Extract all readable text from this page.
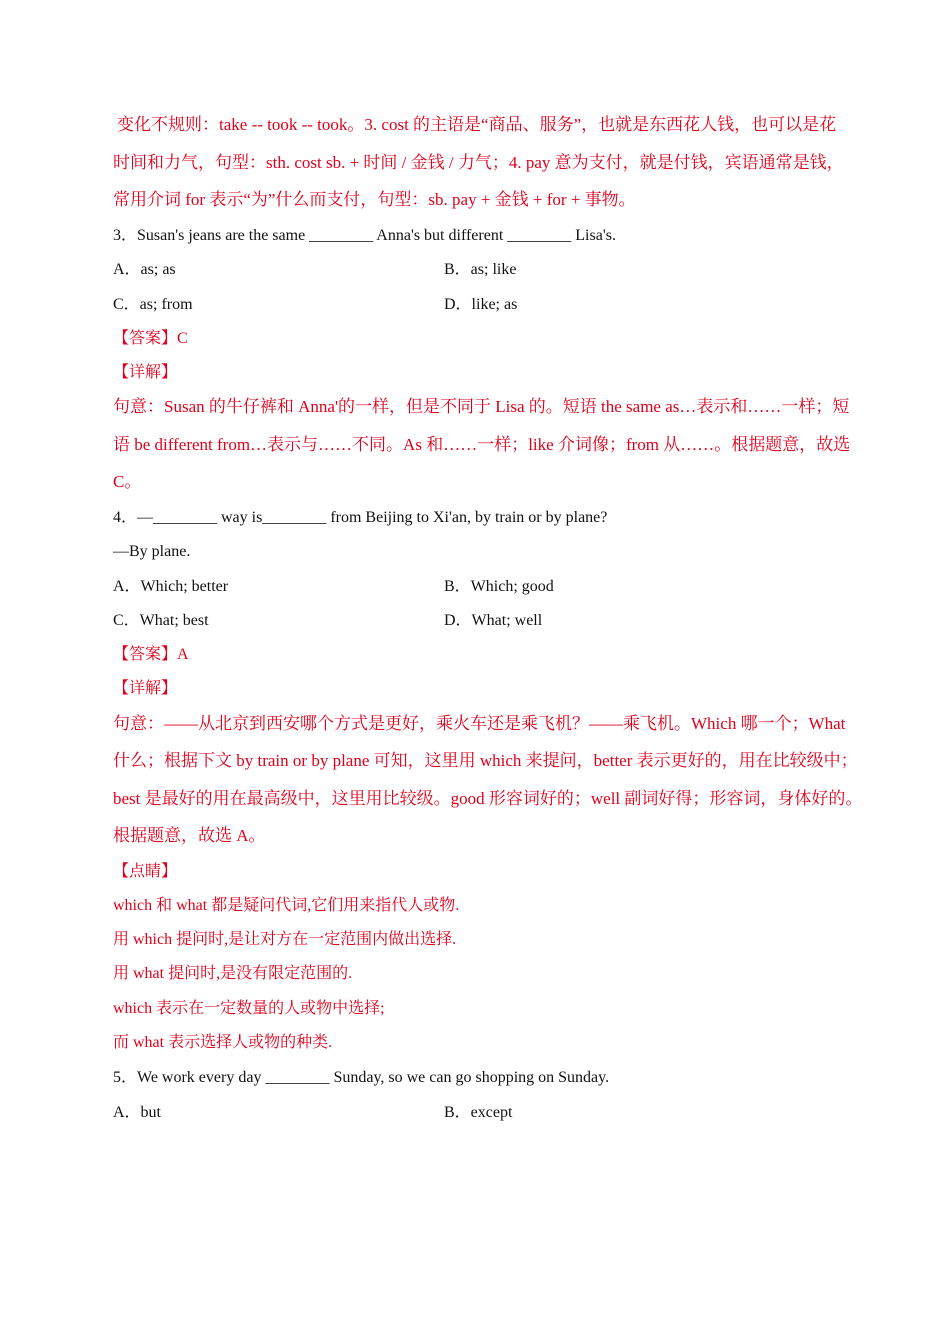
变化不规则：take -- took -- took。3. cost 的主语是“商品、服务”，也就是东西花人钱，也可以是花
时间和力气，句型：sth. cost sb. + 时间 / 金钱 / 力气；4. pay 意为支付，就是付钱，宾语通常是钱，
常用介词 for 表示“为”什么而支付，句型：sb. pay + 金钱 + for + 事物。
3．Susan's jeans are the same ________ Anna's but different ________ Lisa's.
A．as; as	B．as; like
C．as; from	D．like; as
【答案】C
【详解】
句意：Susan 的牛仔裤和 Anna'的一样，但是不同于 Lisa 的。短语 the same as…表示和……一样；短
语 be different from…表示与……不同。As 和……一样；like 介词像；from 从……。根据题意，故选
C。
4．—________ way is________ from Beijing to Xi'an, by train or by plane?
—By plane.
A．Which; better	B．Which; good
C．What; best	D．What; well
【答案】A
【详解】
句意：——从北京到西安哪个方式是更好，乘火车还是乘飞机？——乘飞机。Which 哪一个；What
什么；根据下文 by train or by plane 可知，这里用 which 来提问，better 表示更好的，用在比较级中；
best 是最好的用在最高级中，这里用比较级。good 形容词好的；well 副词好得；形容词，身体好的。
根据题意，故选 A。
【点睛】
which 和 what 都是疑问代词,它们用来指代人或物.
用 which 提问时,是让对方在一定范围内做出选择.
用 what 提问时,是没有限定范围的.
which 表示在一定数量的人或物中选择;
而 what 表示选择人或物的种类.
5．We work every day ________ Sunday, so we can go shopping on Sunday.
A．but	B．except
